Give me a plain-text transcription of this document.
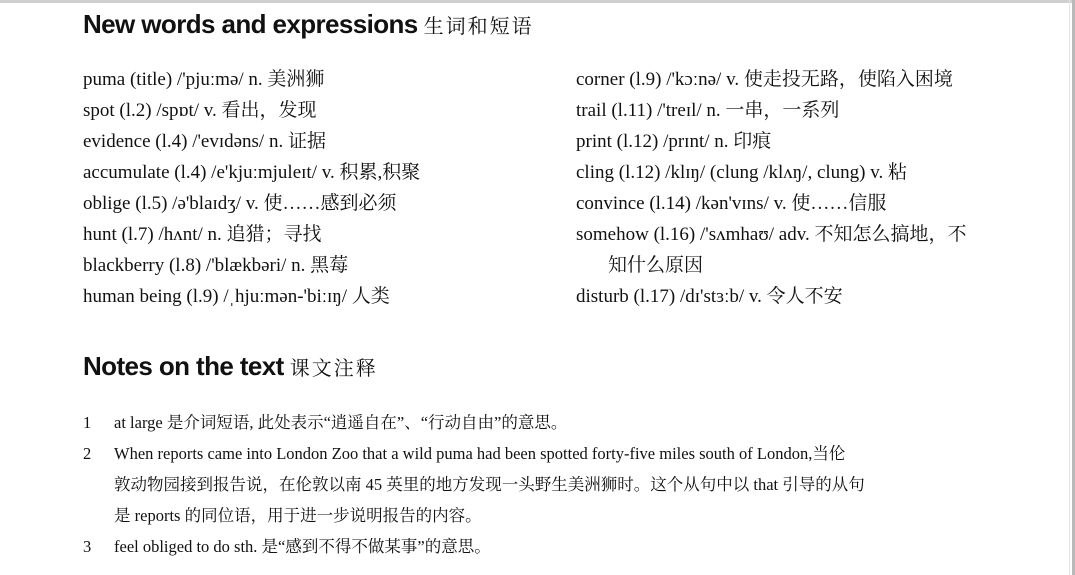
New words and expressions 生词和短语
puma (title) /'pjuːmə/ n. 美洲狮
spot (l.2) /spɒt/ v. 看出，发现
evidence (l.4) /'evɪdəns/ n. 证据
accumulate (l.4) /e'kjuːmjuleɪt/ v. 积累,积聚
oblige (l.5) /ə'blaɪdʒ/ v. 使……感到必须
hunt (l.7) /hʌnt/ n. 追猎；寻找
blackberry (l.8) /'blækbəri/ n. 黑莓
human being (l.9) /ˌhjuːmən-'biːɪŋ/ 人类
corner (l.9) /'kɔːnə/ v. 使走投无路，使陷入困境
trail (l.11) /'treɪl/ n. 一串，一系列
print (l.12) /prɪnt/ n. 印痕
cling (l.12) /klɪŋ/ (clung /klʌŋ/, clung) v. 粘
convince (l.14) /kən'vɪns/ v. 使……信服
somehow (l.16) /'sʌmhaʊ/ adv. 不知怎么搞地，不
知什么原因
disturb (l.17) /dɪ'stɜːb/ v. 令人不安
Notes on the text 课文注释
1 at large 是介词短语, 此处表示“逍遥自在”、“行动自由”的意思。
2 When reports came into London Zoo that a wild puma had been spotted forty-five miles south of London,当伦
敦动物园接到报告说，在伦敦以南 45 英里的地方发现一头野生美洲狮时。这个从句中以 that 引导的从句
是 reports 的同位语，用于进一步说明报告的内容。
3 feel obliged to do sth. 是“感到不得不做某事”的意思。
